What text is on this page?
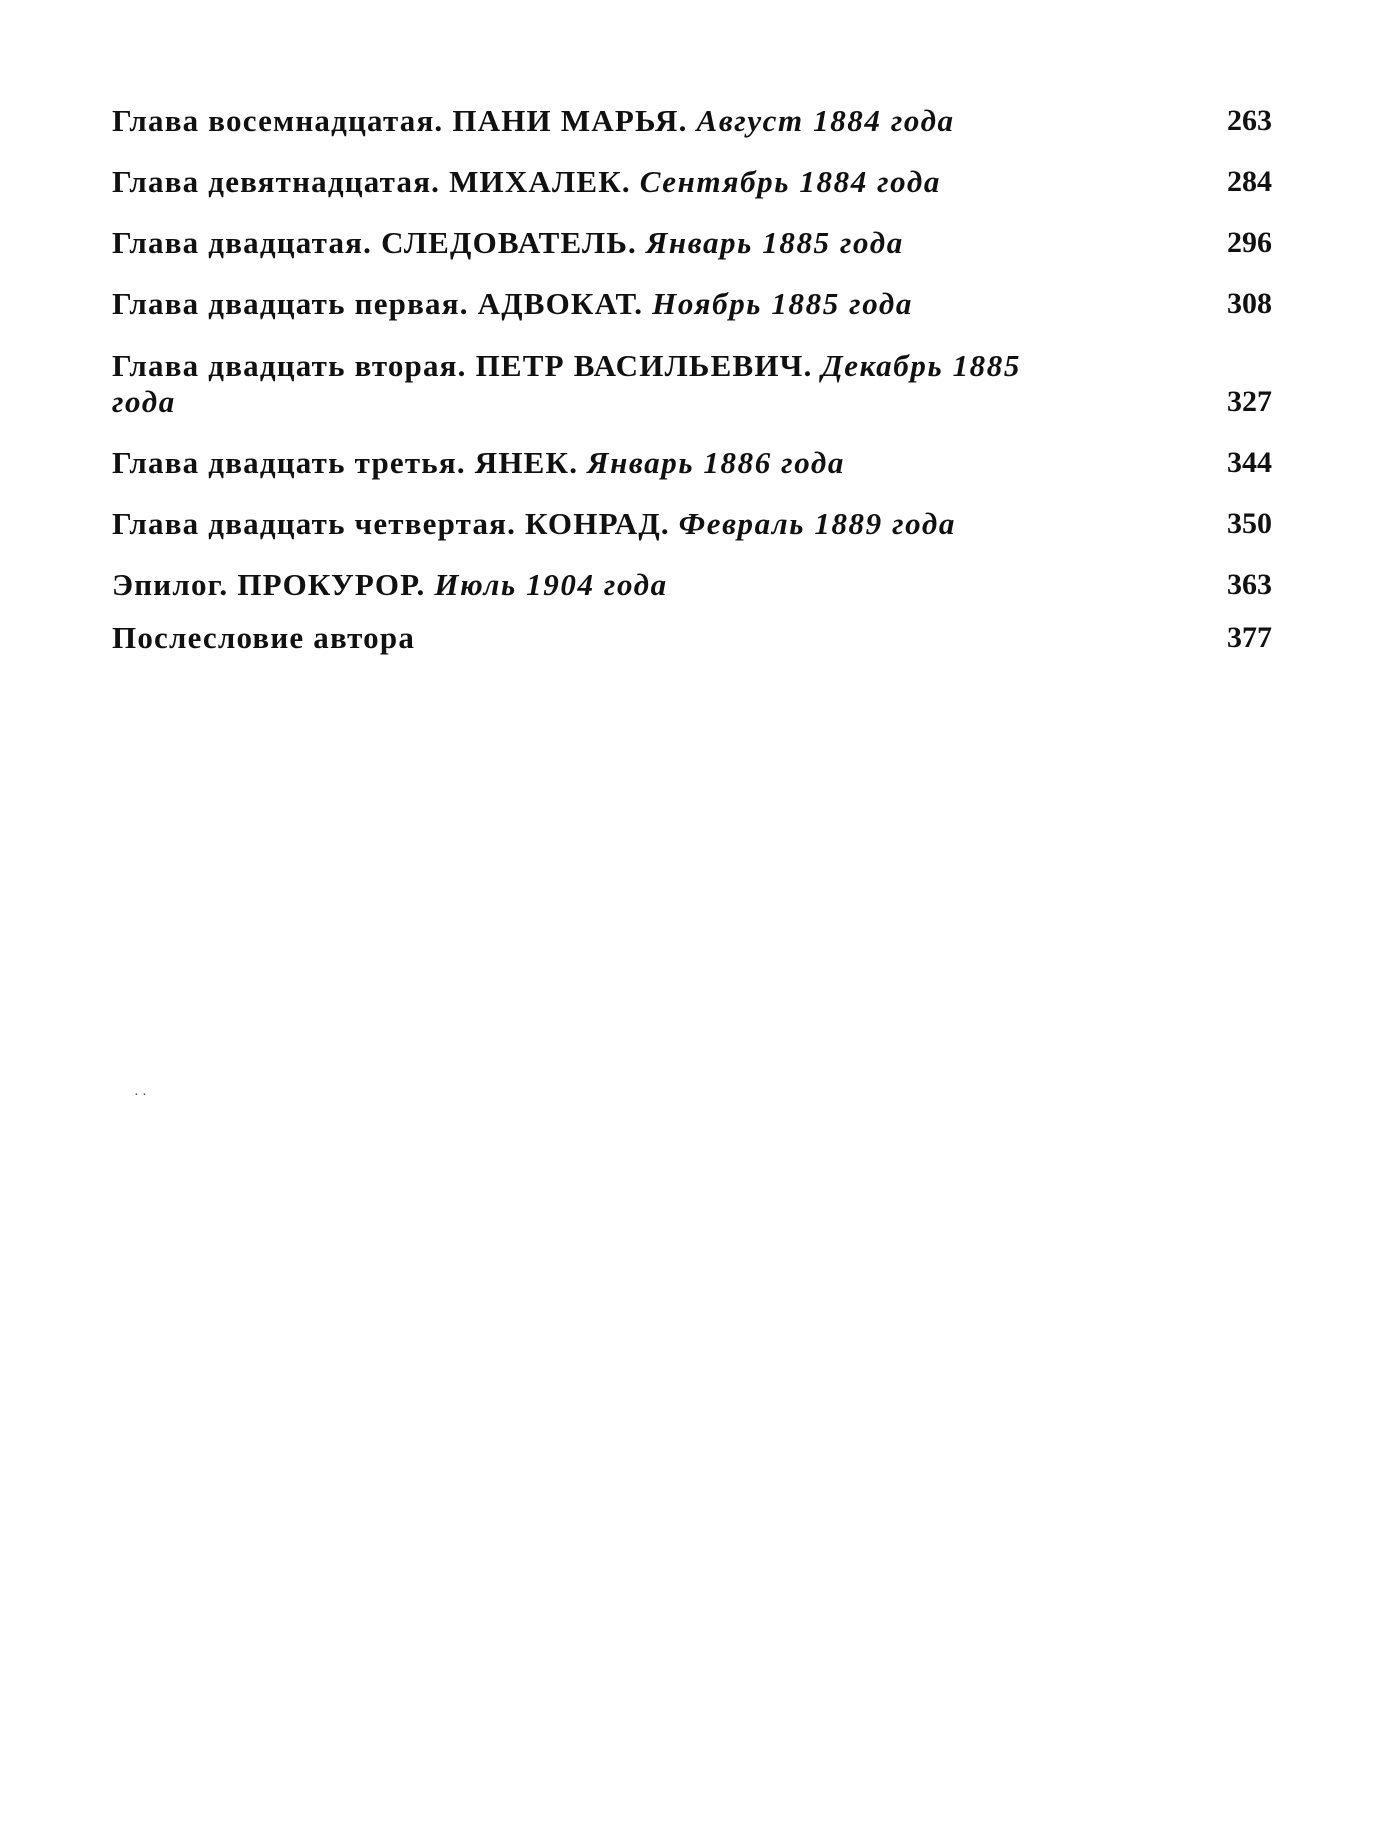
Глава восемнадцатая. ПАНИ МАРЬЯ. Август 1884 года	263
Глава девятнадцатая. МИХАЛЕК. Сентябрь 1884 года	284
Глава двадцатая. СЛЕДОВАТЕЛЬ. Январь 1885 года	296
Глава двадцать первая. АДВОКАТ. Ноябрь 1885 года	308
Глава двадцать вторая. ПЕТР ВАСИЛЬЕВИЧ. Декабрь 1885 года	327
Глава двадцать третья. ЯНЕК. Январь 1886 года	344
Глава двадцать четвертая. КОНРАД. Февраль 1889 года	350
Эпилог. ПРОКУРОР. Июль 1904 года	363
Послесловие автора	377
· ·
